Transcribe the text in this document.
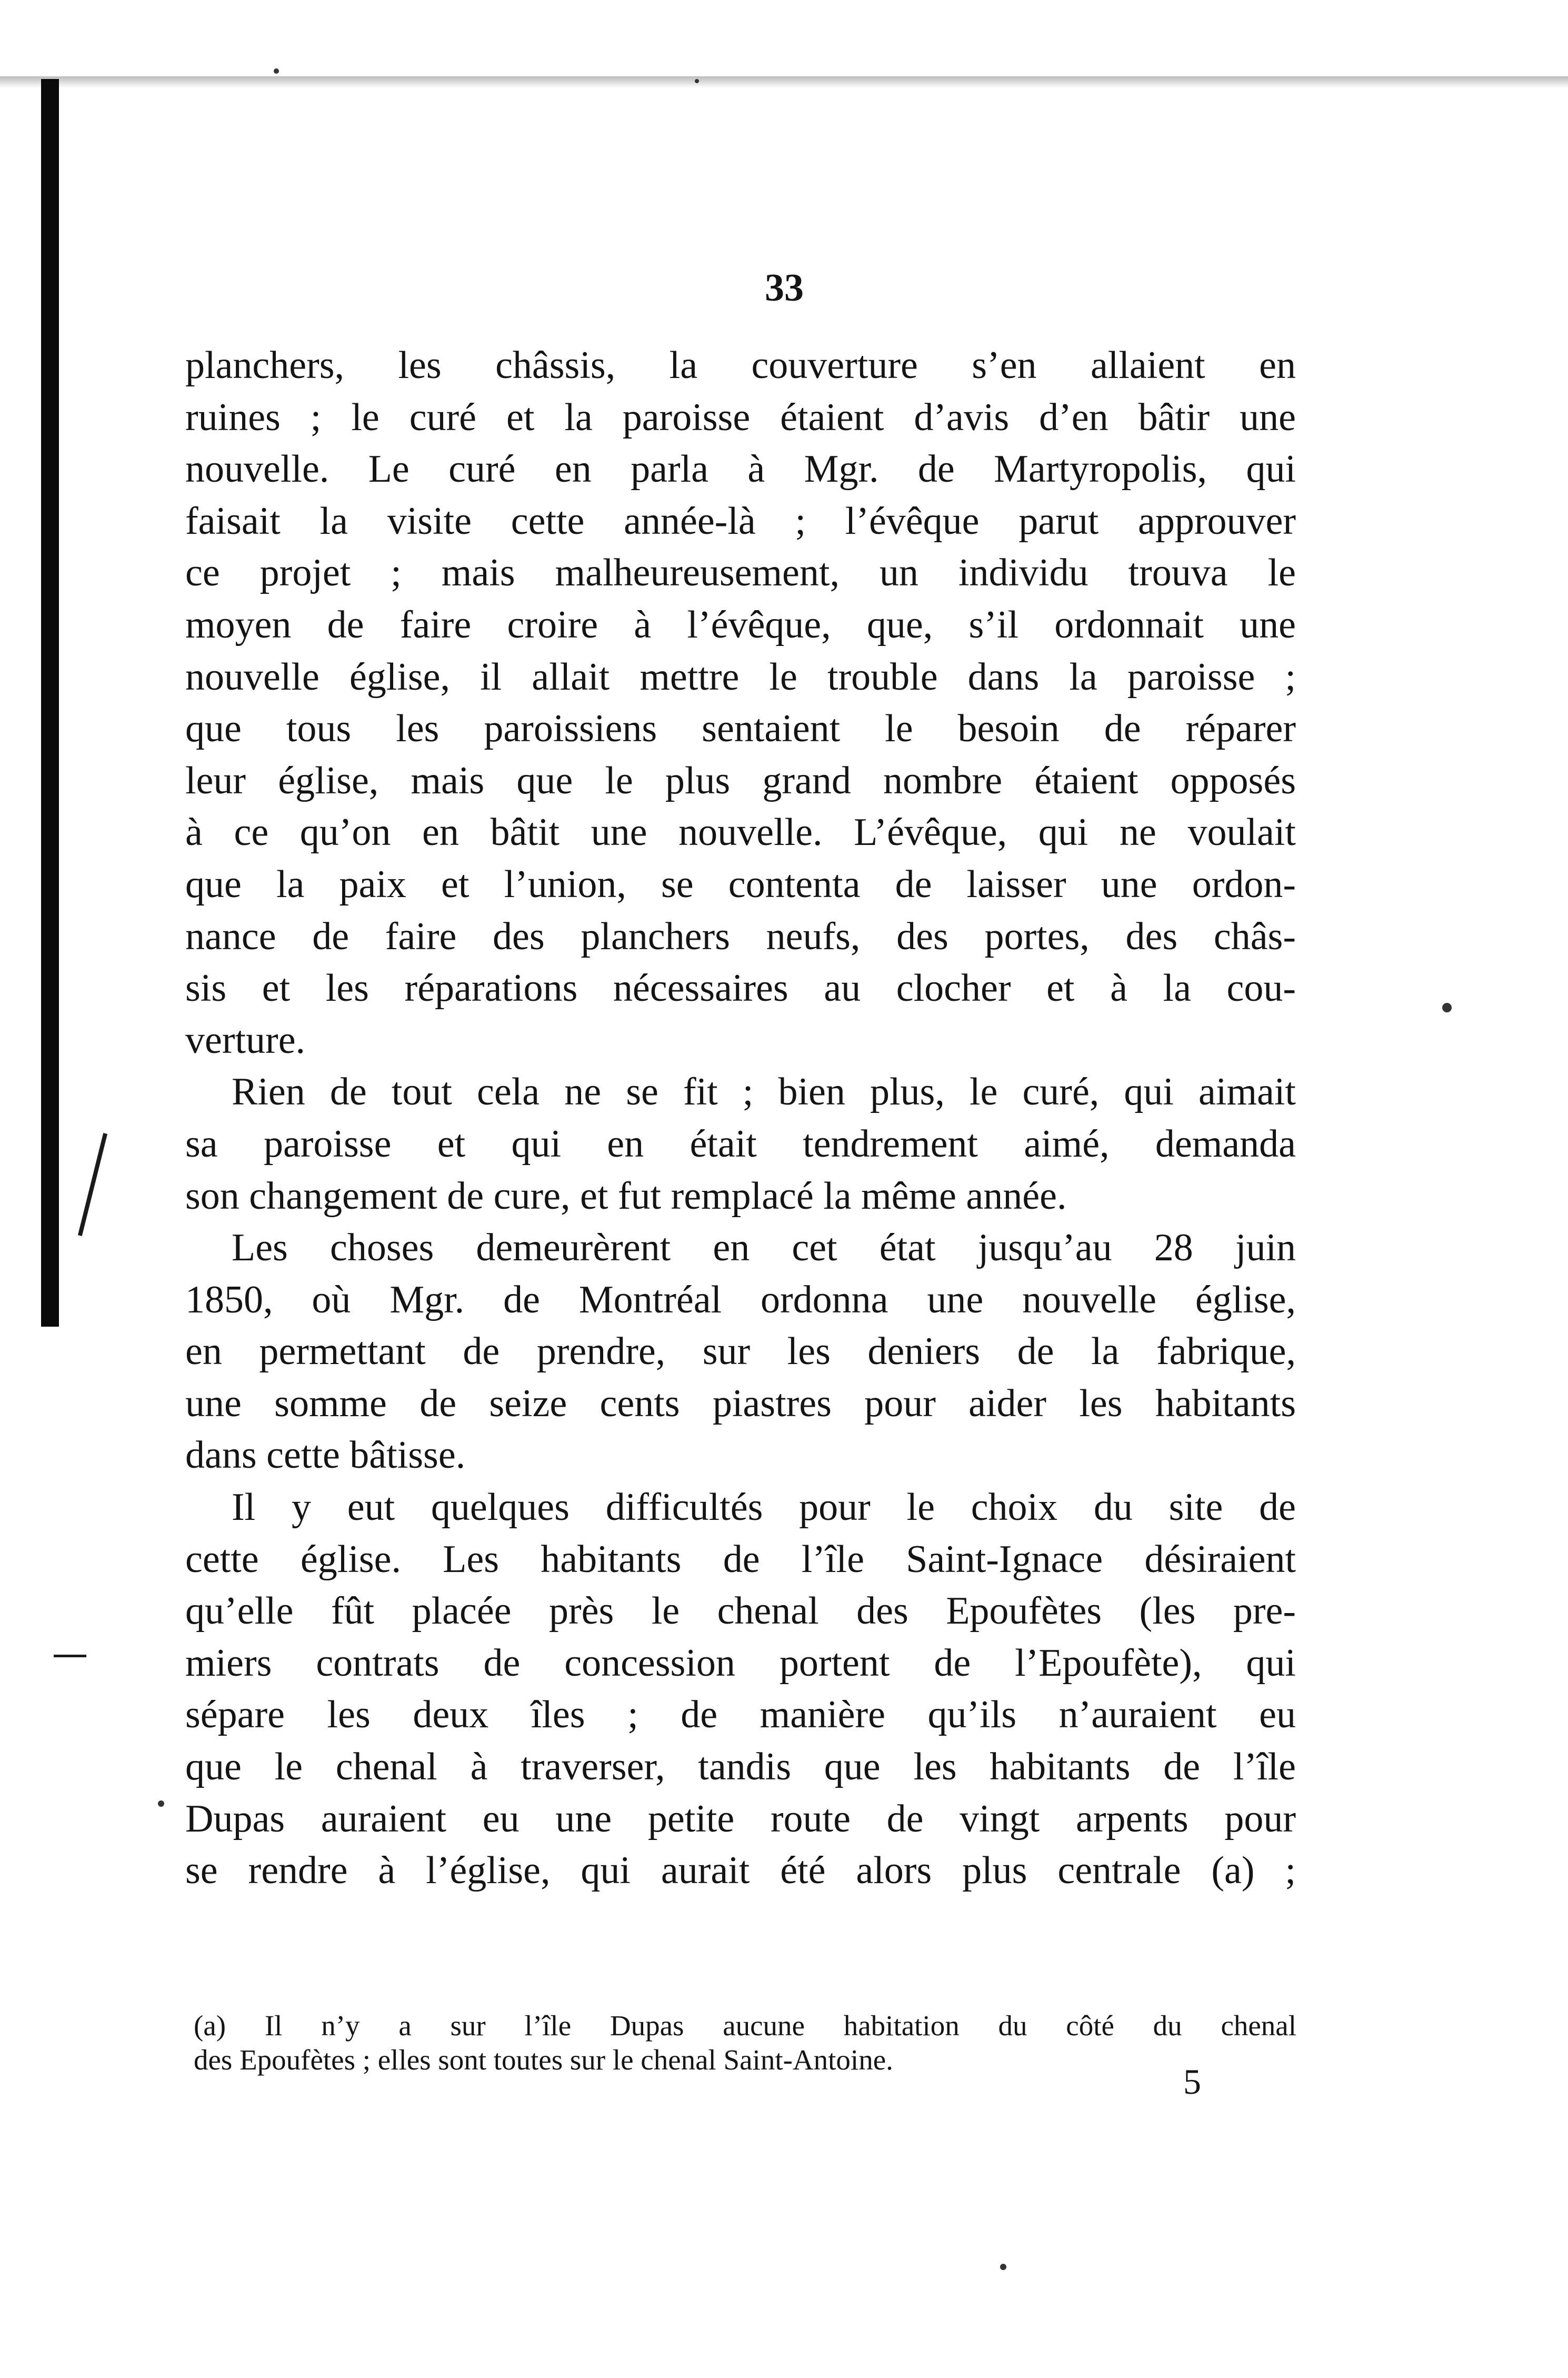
33

planchers, les châssis, la couverture s’en allaient en
ruines ; le curé et la paroisse étaient d’avis d’en bâtir une
nouvelle. Le curé en parla à Mgr. de Martyropolis, qui
faisait la visite cette année-là ; l’évêque parut approuver
ce projet ; mais malheureusement, un individu trouva le
moyen de faire croire à l’évêque, que, s’il ordonnait une
nouvelle église, il allait mettre le trouble dans la paroisse ;
que tous les paroissiens sentaient le besoin de réparer
leur église, mais que le plus grand nombre étaient opposés
à ce qu’on en bâtit une nouvelle. L’évêque, qui ne voulait
que la paix et l’union, se contenta de laisser une ordon-
nance de faire des planchers neufs, des portes, des châs-
sis et les réparations nécessaires au clocher et à la cou-
verture.
Rien de tout cela ne se fit ; bien plus, le curé, qui aimait
sa paroisse et qui en était tendrement aimé, demanda
son changement de cure, et fut remplacé la même année.
Les choses demeurèrent en cet état jusqu’au 28 juin
1850, où Mgr. de Montréal ordonna une nouvelle église,
en permettant de prendre, sur les deniers de la fabrique,
une somme de seize cents piastres pour aider les habitants
dans cette bâtisse.
Il y eut quelques difficultés pour le choix du site de
cette église. Les habitants de l’île Saint-Ignace désiraient
qu’elle fût placée près le chenal des Epoufètes (les pre-
miers contrats de concession portent de l’Epoufète), qui
sépare les deux îles ; de manière qu’ils n’auraient eu
que le chenal à traverser, tandis que les habitants de l’île
Dupas auraient eu une petite route de vingt arpents pour
se rendre à l’église, qui aurait été alors plus centrale (a) ;

(a) Il n’y a sur l’île Dupas aucune habitation du côté du chenal
des Epoufètes ; elles sont toutes sur le chenal Saint-Antoine.

5
